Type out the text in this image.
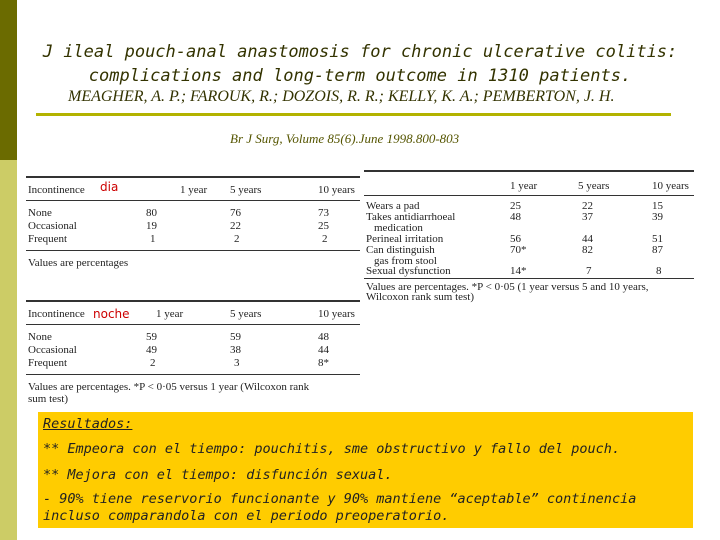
J ileal pouch-anal anastomosis for chronic ulcerative colitis:
complications and long-term outcome in 1310 patients.
MEAGHER, A. P.; FAROUK, R.; DOZOIS, R. R.; KELLY, K. A.; PEMBERTON, J. H.
Br J Surg, Volume 85(6).June 1998.800-803
Incontinence	1 year 5 years	10 years
None	80	76	73
Occasional	19	22	25
Frequent	1	2	2
Values are percentages
dia
Incontinence	1 year	5 years	10 years
None	59	59	48
Occasional	49	38	44
Frequent	2	3	8*
Values are percentages. *P < 0·05 versus 1 year (Wilcoxon rank
sum test)
noche
1 year	5 years	10 years
Wears a pad	25	22	15
Takes antidiarrhoeal	48	37	39
medication
Perineal irritation	56	44	51
Can distinguish	70*	82	87
gas from stool
Sexual dysfunction	14*	7	8
Values are percentages. *P < 0·05 (1 year versus 5 and 10 years,
Wilcoxon rank sum test)
Resultados:
** Empeora con el tiempo: pouchitis, sme obstructivo y fallo del pouch.
** Mejora con el tiempo: disfunción sexual.
- 90% tiene reservorio funcionante y 90% mantiene “aceptable” continencia
incluso comparandola con el periodo preoperatorio.
